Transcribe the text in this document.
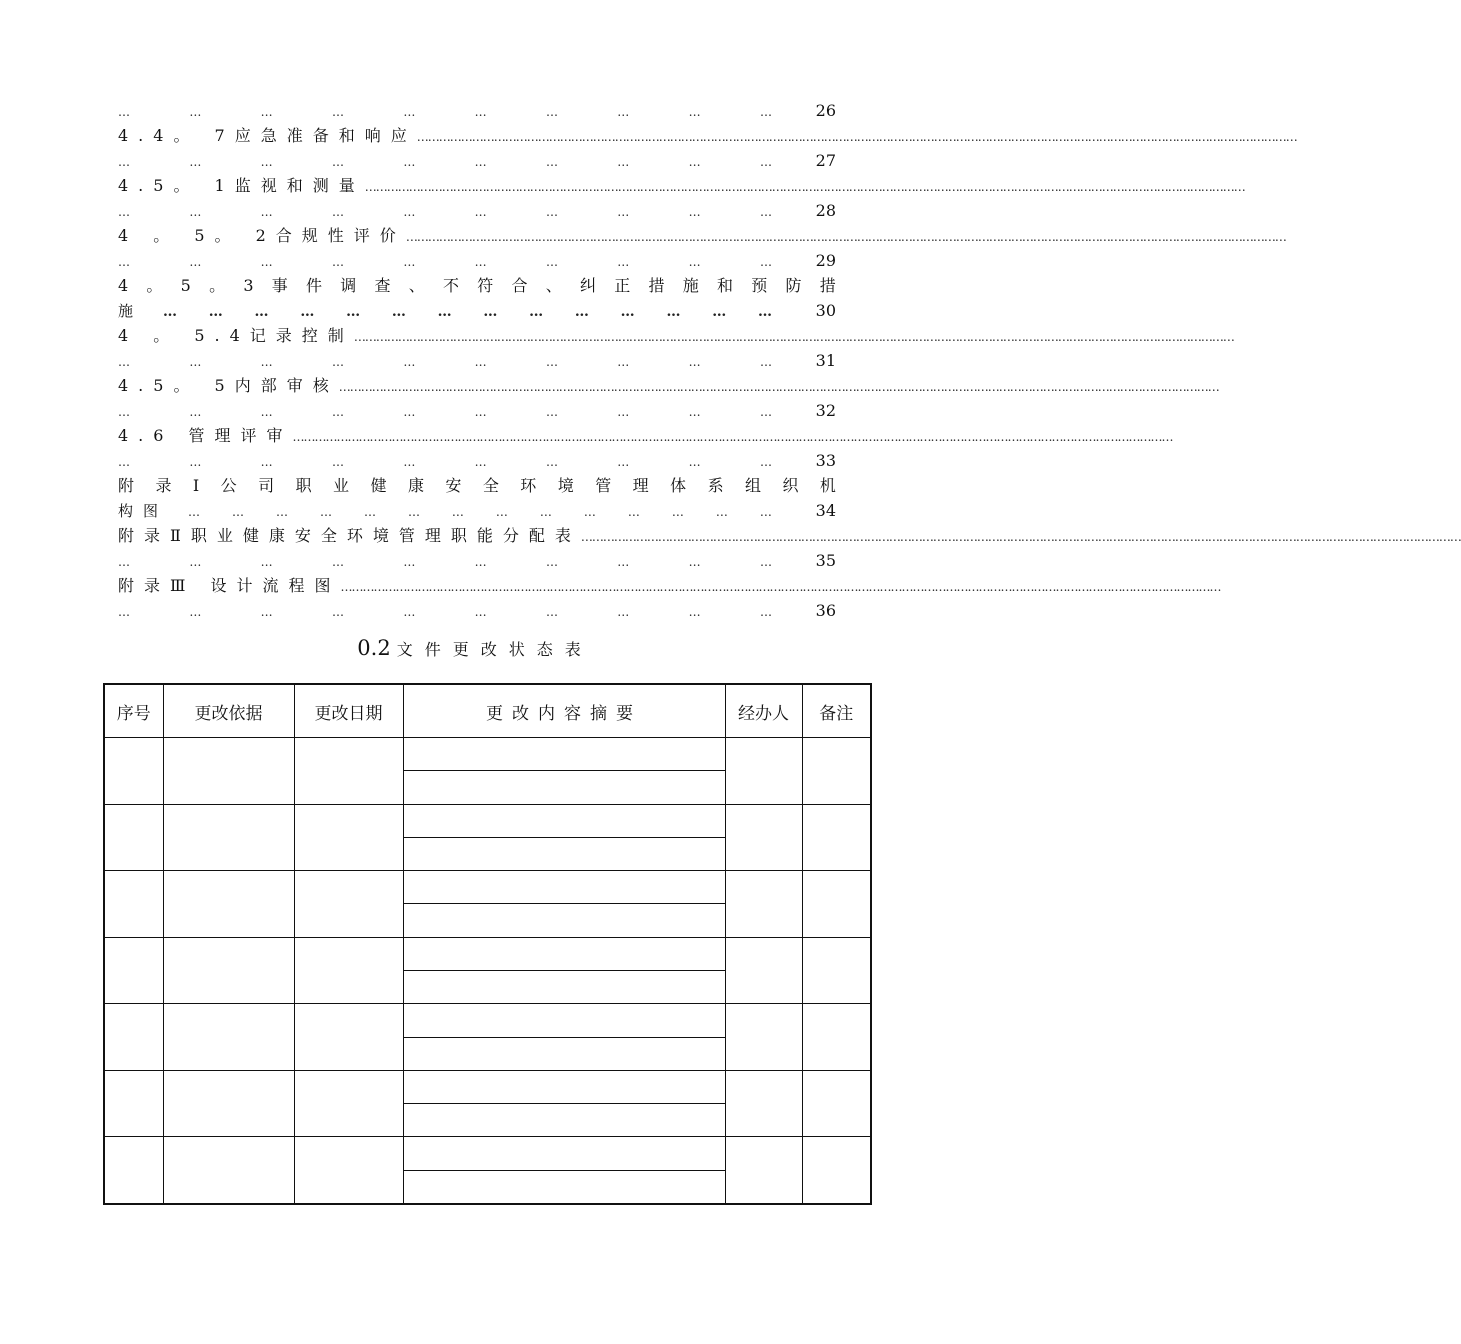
…	…	…	…	…	…	…	…	…	…	26
4.4。 7应急准备和响应 ……………………………………………………………………………………………………………………………………………………………………………………………………………………
…	…	…	…	…	…	…	…	…	…	27
4.5。 1监视和测量 ……………………………………………………………………………………………………………………………………………………………………………………………………………………
…	…	…	…	…	…	…	…	…	…	28
4 。 5。 2合规性评价 ……………………………………………………………………………………………………………………………………………………………………………………………………………………
…	…	…	…	…	…	…	…	…	…	29
4 。 5 。 3 事 件 调 查 、 不 符 合 、 纠 正 措 施 和 预 防 措
施 … … … … … … … … … … … … … …	30
4 。 5.4记录控制 ……………………………………………………………………………………………………………………………………………………………………………………………………………………
…	…	…	…	…	…	…	…	…	…	31
4.5。 5内部审核 ……………………………………………………………………………………………………………………………………………………………………………………………………………………
…	…	…	…	…	…	…	…	…	…	32
4.6 管理评审 ……………………………………………………………………………………………………………………………………………………………………………………………………………………
…	…	…	…	…	…	…	…	…	…	33
附 录 Ⅰ 公 司 职 业 健 康 安 全 环 境 管 理 体 系 组 织 机
构图 …	…	…	…	…	…	…	…	…	…	…	…	…	…	34
附录Ⅱ职业健康安全环境管理职能分配表 ……………………………………………………………………………………………………………………………………………………………………………………………………………………
…	…	…	…	…	…	…	…	…	…	35
附录Ⅲ 设计流程图 ……………………………………………………………………………………………………………………………………………………………………………………………………………………
…	…	…	…	…	…	…	…	…	…	36
0.2 文件更改状态表
序号	更改依据	更改日期	更改内容摘要	经办人	备注
